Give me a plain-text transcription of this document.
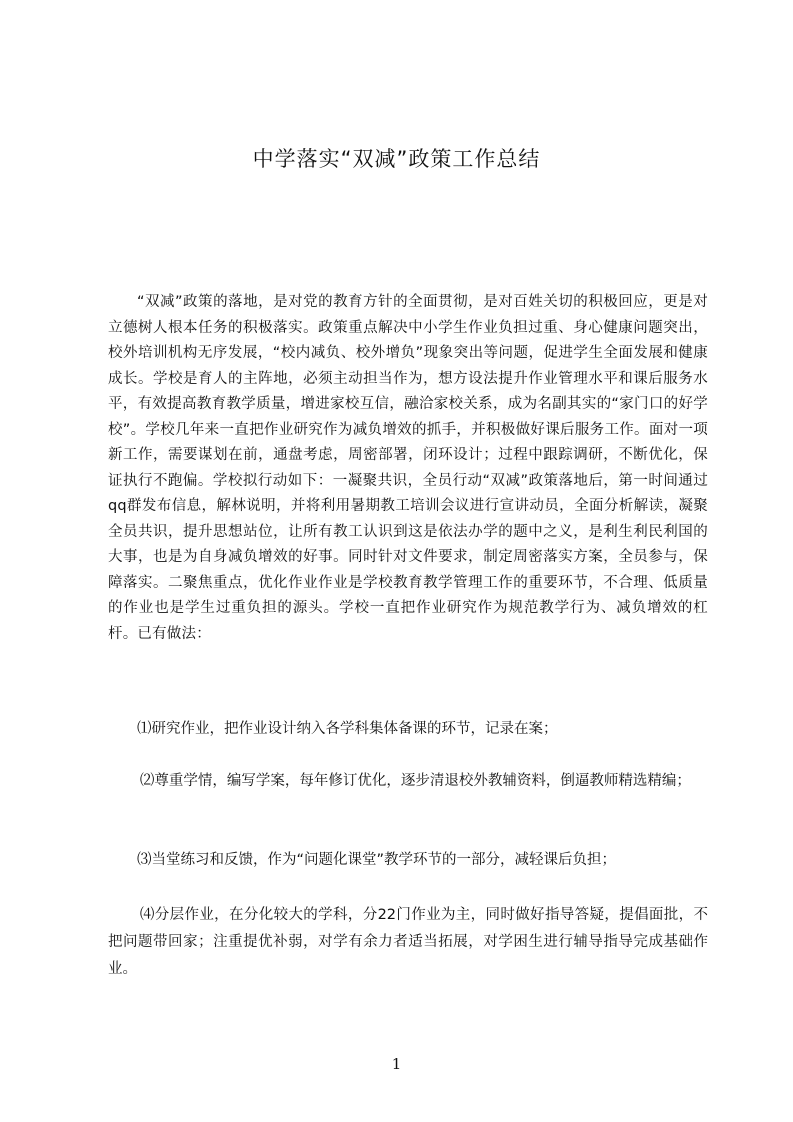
中学落实“双减”政策工作总结
“双减”政策的落地，是对党的教育方针的全面贯彻，是对百姓关切的积极回应，更是对立德树人根本任务的积极落实。政策重点解决中小学生作业负担过重、身心健康问题突出，校外培训机构无序发展，“校内减负、校外增负”现象突出等问题，促进学生全面发展和健康成长。学校是育人的主阵地，必须主动担当作为，想方设法提升作业管理水平和课后服务水平，有效提高教育教学质量，增进家校互信，融洽家校关系，成为名副其实的“家门口的好学校”。学校几年来一直把作业研究作为减负增效的抓手，并积极做好课后服务工作。面对一项新工作，需要谋划在前，通盘考虑，周密部署，闭环设计；过程中跟踪调研，不断优化，保证执行不跑偏。学校拟行动如下：一凝聚共识，全员行动“双减”政策落地后，第一时间通过qq群发布信息，解林说明，并将利用暑期教工培训会议进行宣讲动员，全面分析解读，凝聚全员共识，提升思想站位，让所有教工认识到这是依法办学的题中之义，是利生利民利国的大事，也是为自身减负增效的好事。同时针对文件要求，制定周密落实方案，全员参与，保障落实。二聚焦重点，优化作业作业是学校教育教学管理工作的重要环节，不合理、低质量的作业也是学生过重负担的源头。学校一直把作业研究作为规范教学行为、减负增效的杠杆。已有做法：
⑴研究作业，把作业设计纳入各学科集体备课的环节，记录在案；
⑵尊重学情，编写学案，每年修订优化，逐步清退校外教辅资料，倒逼教师精选精编；
⑶当堂练习和反馈，作为“问题化课堂”教学环节的一部分，减轻课后负担；
⑷分层作业，在分化较大的学科，分22门作业为主，同时做好指导答疑，提倡面批，不把问题带回家；注重提优补弱，对学有余力者适当拓展，对学困生进行辅导指导完成基础作业。
1
